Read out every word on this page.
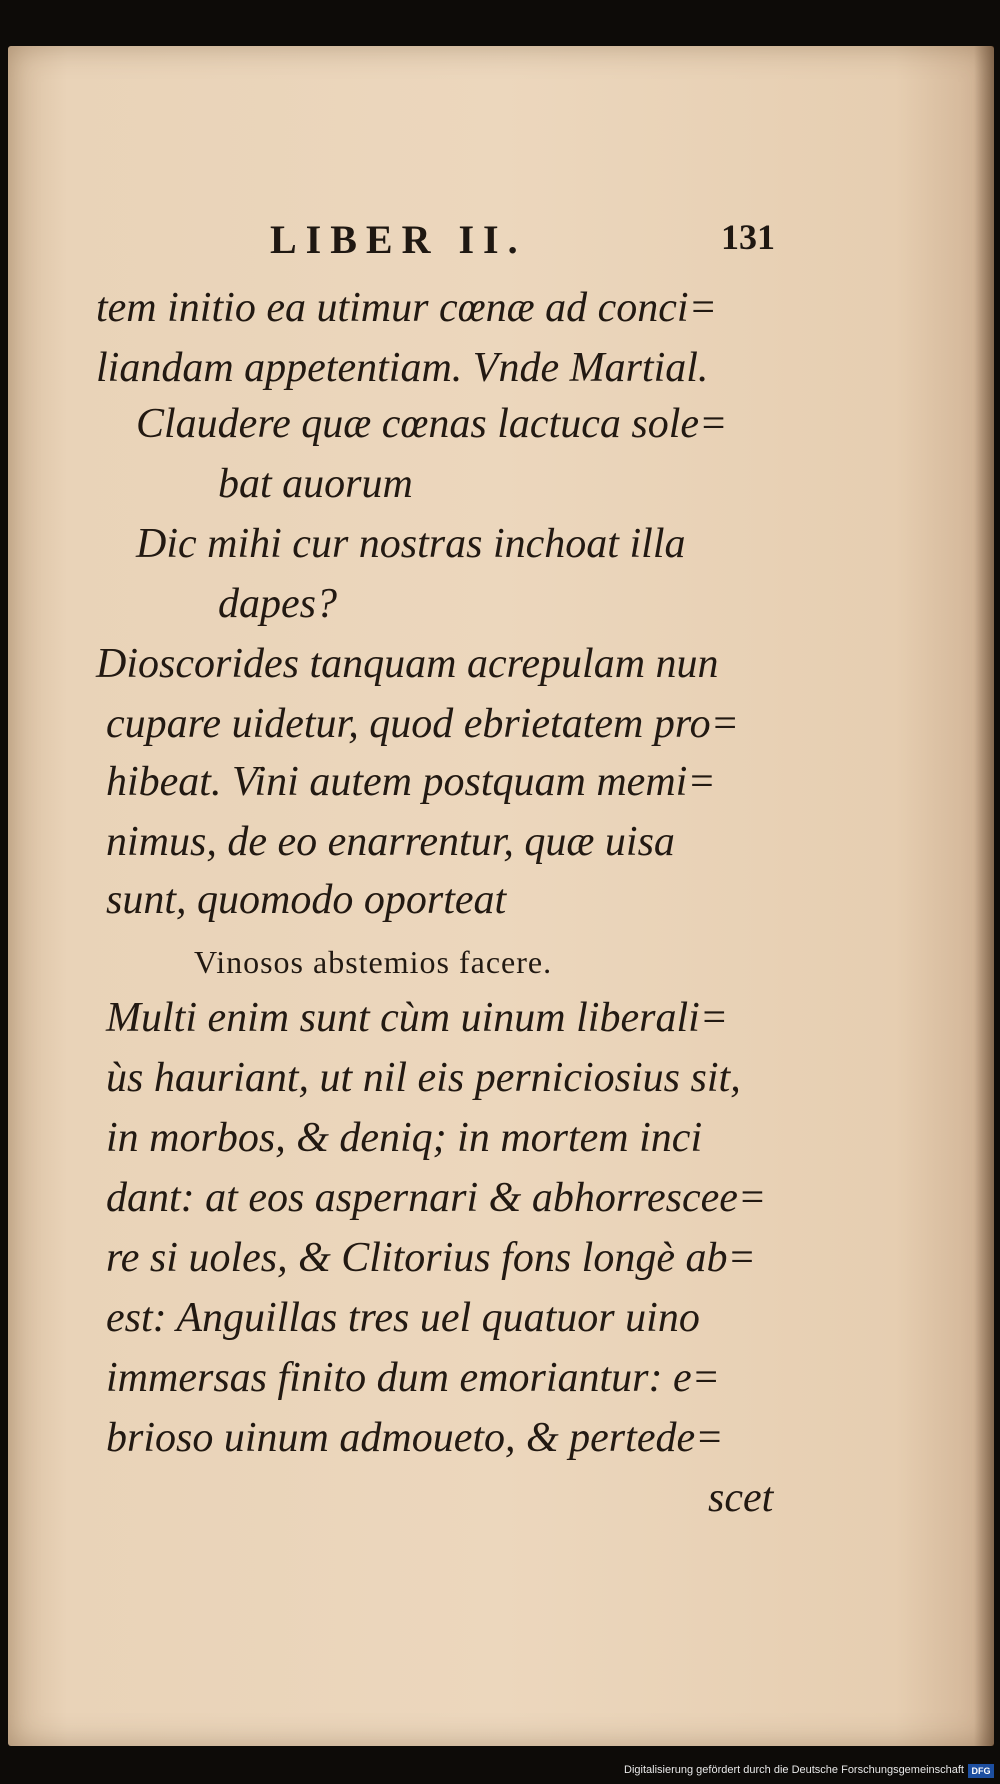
LIBER II.	131
tem initio ea utimur cœnæ ad conci=
liandam appetentiam. Vnde Martial.
Claudere quæ cœnas lactuca sole=
bat auorum
Dic mihi cur nostras inchoat illa
dapes?
Dioscorides tanquam acrepulam nun
cupare uidetur, quod ebrietatem pro=
hibeat. Vini autem postquam memi=
nimus, de eo enarrentur, quæ uisa
sunt, quomodo oporteat
Vinosos abstemios facere.
Multi enim sunt cùm uinum liberali=
ùs hauriant, ut nil eis perniciosius sit,
in morbos, & deniq; in mortem inci
dant: at eos aspernari & abhorrescee=
re si uoles, & Clitorius fons longè ab=
est: Anguillas tres uel quatuor uino
immersas finito dum emoriantur: e=
brioso uinum admoueto, & pertede=
scet
Digitalisierung gefördert durch die Deutsche Forschungsgemeinschaft DFG
